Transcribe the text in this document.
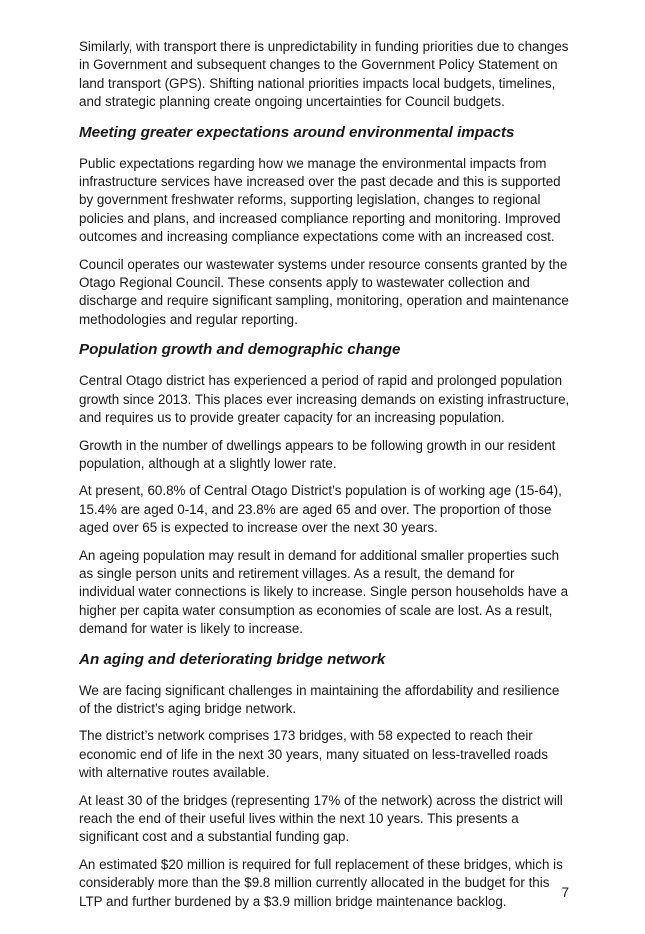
Similarly, with transport there is unpredictability in funding priorities due to changes in Government and subsequent changes to the Government Policy Statement on land transport (GPS). Shifting national priorities impacts local budgets, timelines, and strategic planning create ongoing uncertainties for Council budgets.

Meeting greater expectations around environmental impacts

Public expectations regarding how we manage the environmental impacts from infrastructure services have increased over the past decade and this is supported by government freshwater reforms, supporting legislation, changes to regional policies and plans, and increased compliance reporting and monitoring. Improved outcomes and increasing compliance expectations come with an increased cost.

Council operates our wastewater systems under resource consents granted by the Otago Regional Council. These consents apply to wastewater collection and discharge and require significant sampling, monitoring, operation and maintenance methodologies and regular reporting.

Population growth and demographic change

Central Otago district has experienced a period of rapid and prolonged population growth since 2013. This places ever increasing demands on existing infrastructure, and requires us to provide greater capacity for an increasing population.

Growth in the number of dwellings appears to be following growth in our resident population, although at a slightly lower rate.

At present, 60.8% of Central Otago District’s population is of working age (15-64), 15.4% are aged 0-14, and 23.8% are aged 65 and over. The proportion of those aged over 65 is expected to increase over the next 30 years.

An ageing population may result in demand for additional smaller properties such as single person units and retirement villages. As a result, the demand for individual water connections is likely to increase. Single person households have a higher per capita water consumption as economies of scale are lost. As a result, demand for water is likely to increase.

An aging and deteriorating bridge network

We are facing significant challenges in maintaining the affordability and resilience of the district’s aging bridge network.

The district’s network comprises 173 bridges, with 58 expected to reach their economic end of life in the next 30 years, many situated on less-travelled roads with alternative routes available.

At least 30 of the bridges (representing 17% of the network) across the district will reach the end of their useful lives within the next 10 years. This presents a significant cost and a substantial funding gap.

An estimated $20 million is required for full replacement of these bridges, which is considerably more than the $9.8 million currently allocated in the budget for this LTP and further burdened by a $3.9 million bridge maintenance backlog.

7
